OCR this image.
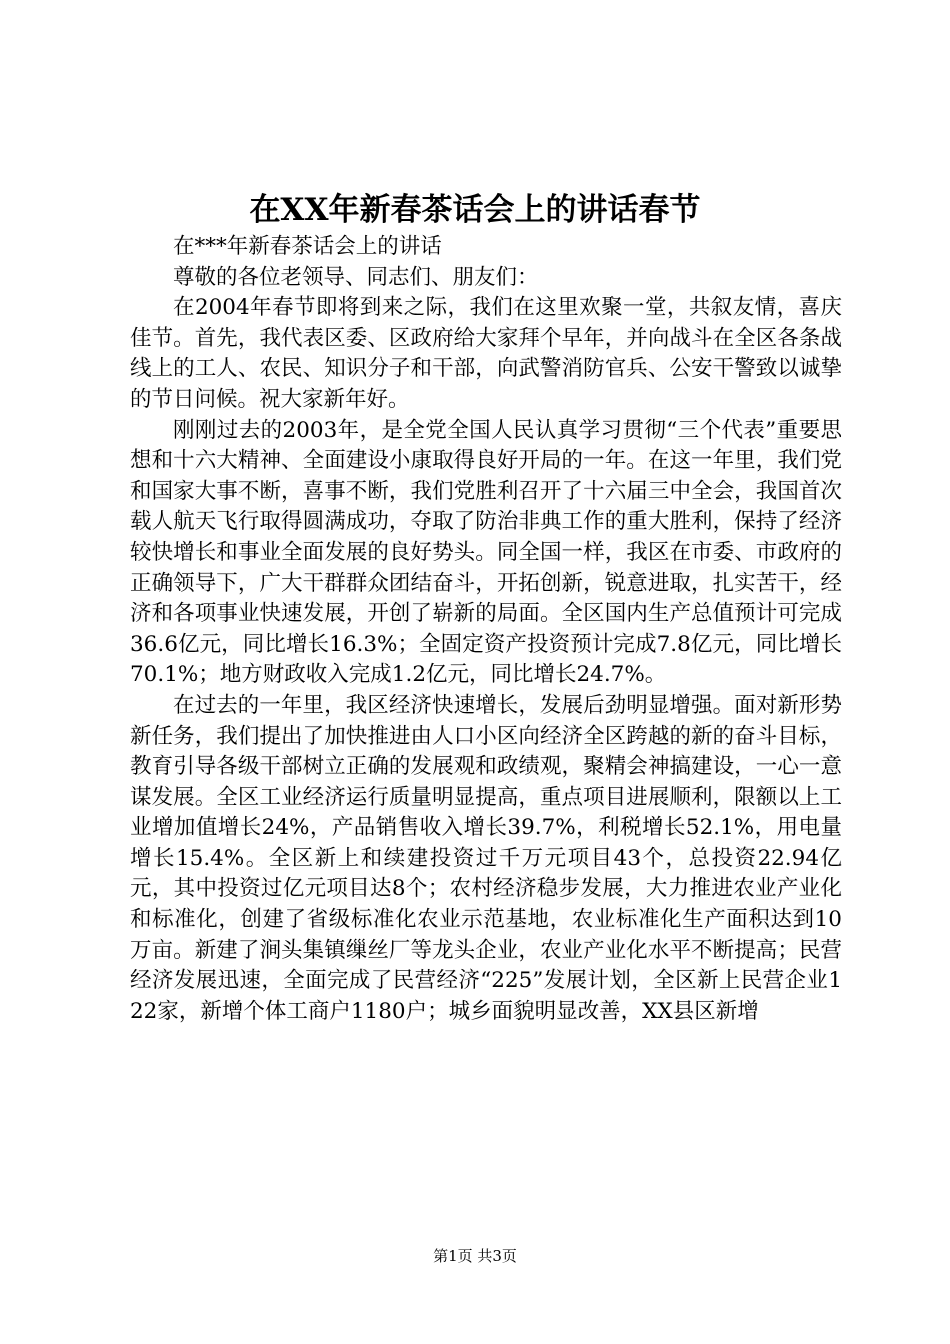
在XX年新春茶话会上的讲话春节

在***年新春茶话会上的讲话

尊敬的各位老领导、同志们、朋友们：

在2004年春节即将到来之际，我们在这里欢聚一堂，共叙友情，喜庆佳节。首先，我代表区委、区政府给大家拜个早年，并向战斗在全区各条战线上的工人、农民、知识分子和干部，向武警消防官兵、公安干警致以诚挚的节日问候。祝大家新年好。

刚刚过去的2003年，是全党全国人民认真学习贯彻“三个代表”重要思想和十六大精神、全面建设小康取得良好开局的一年。在这一年里，我们党和国家大事不断，喜事不断，我们党胜利召开了十六届三中全会，我国首次载人航天飞行取得圆满成功，夺取了防治非典工作的重大胜利，保持了经济较快增长和事业全面发展的良好势头。同全国一样，我区在市委、市政府的正确领导下，广大干群群众团结奋斗，开拓创新，锐意进取，扎实苦干，经济和各项事业快速发展，开创了崭新的局面。全区国内生产总值预计可完成36.6亿元，同比增长16.3%；全固定资产投资预计完成7.8亿元，同比增长70.1%；地方财政收入完成1.2亿元，同比增长24.7%。

在过去的一年里，我区经济快速增长，发展后劲明显增强。面对新形势新任务，我们提出了加快推进由人口小区向经济全区跨越的新的奋斗目标，教育引导各级干部树立正确的发展观和政绩观，聚精会神搞建设，一心一意谋发展。全区工业经济运行质量明显提高，重点项目进展顺利，限额以上工业增加值增长24%，产品销售收入增长39.7%，利税增长52.1%，用电量增长15.4%。全区新上和续建投资过千万元项目43个，总投资22.94亿元，其中投资过亿元项目达8个；农村经济稳步发展，大力推进农业产业化和标准化，创建了省级标准化农业示范基地，农业标准化生产面积达到10万亩。新建了涧头集镇缫丝厂等龙头企业，农业产业化水平不断提高；民营经济发展迅速，全面完成了民营经济“225”发展计划，全区新上民营企业122家，新增个体工商户1180户；城乡面貌明显改善，XX县区新增

第1页 共3页
